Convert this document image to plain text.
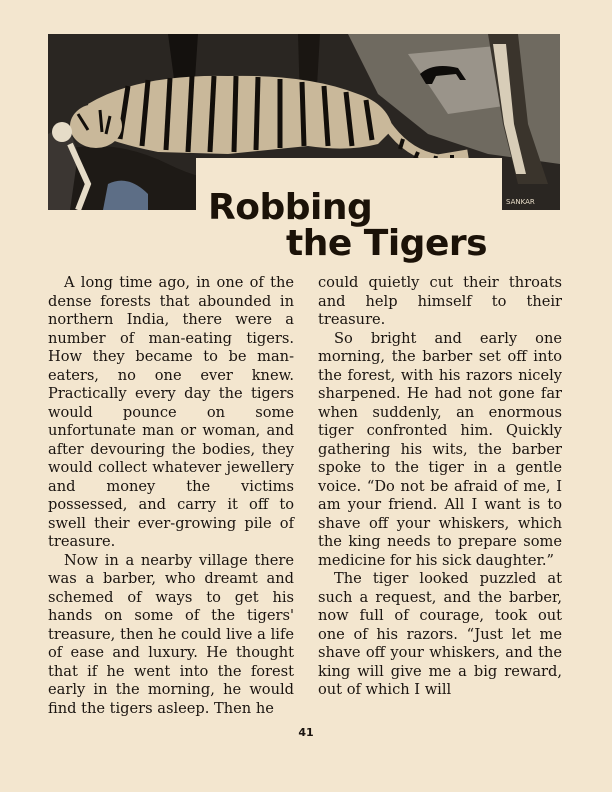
SANKAR
Robbing
the Tigers

A long time ago, in one of the dense forests that abounded in northern India, there were a number of man-eating tigers. How they became to be man-eaters, no one ever knew. Practically every day the tigers would pounce on some unfortunate man or woman, and after devouring the bodies, they would collect whatever jewellery and money the victims possessed, and carry it off to swell their ever-growing pile of treasure.

Now in a nearby village there was a barber, who dreamt and schemed of ways to get his hands on some of the tigers' treasure, then he could live a life of ease and luxury. He thought that if he went into the forest early in the morning, he would find the tigers asleep. Then he

could quietly cut their throats and help himself to their treasure.

So bright and early one morning, the barber set off into the forest, with his razors nicely sharpened. He had not gone far when suddenly, an enormous tiger confronted him. Quickly gathering his wits, the barber spoke to the tiger in a gentle voice. “Do not be afraid of me, I am your friend. All I want is to shave off your whiskers, which the king needs to prepare some medicine for his sick daughter.”

The tiger looked puzzled at such a request, and the barber, now full of courage, took out one of his razors. “Just let me shave off your whiskers, and the king will give me a big reward, out of which I will

41
